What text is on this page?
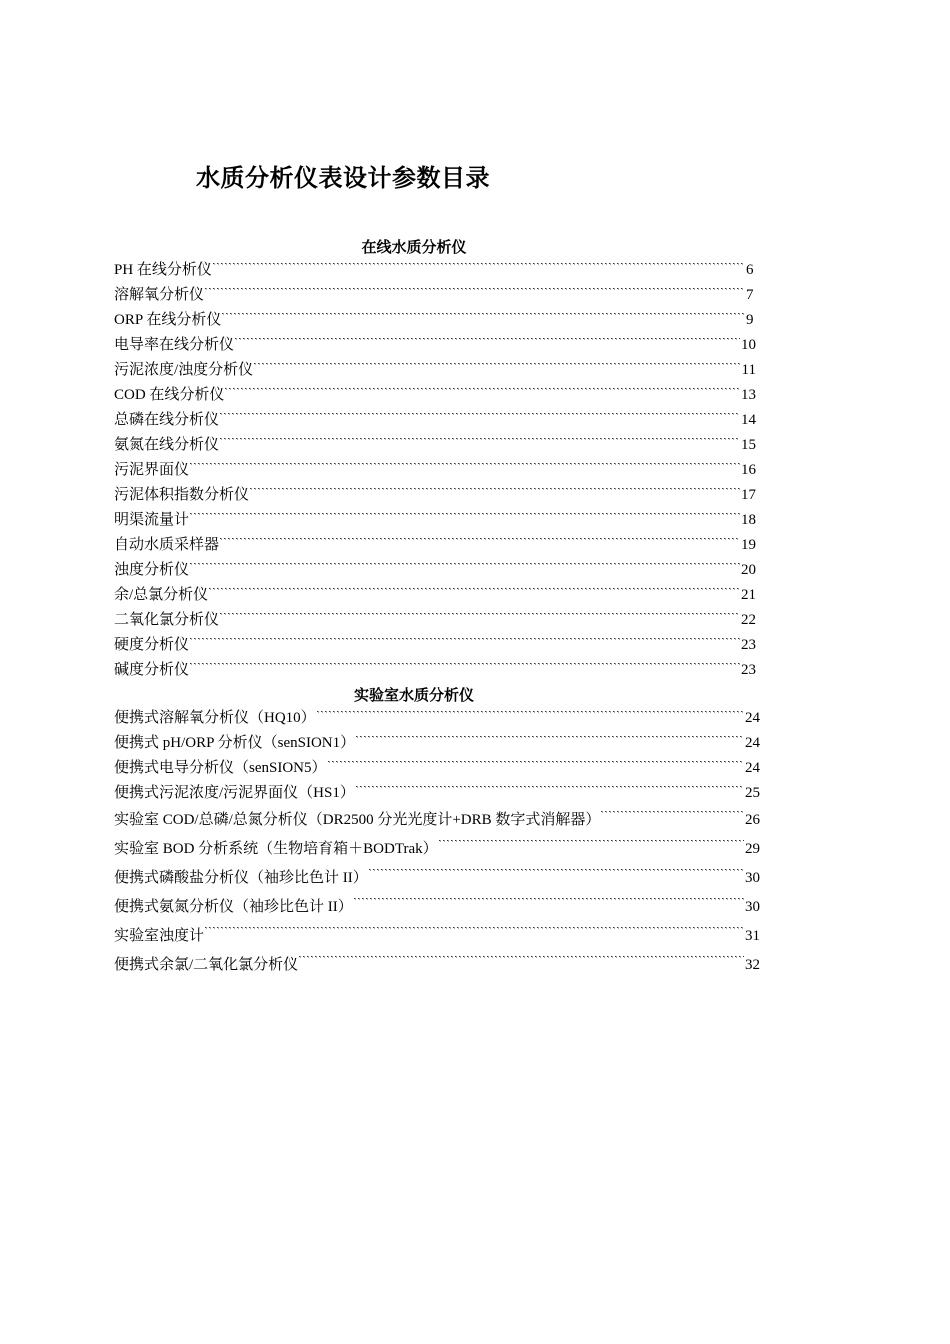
水质分析仪表设计参数目录
在线水质分析仪
PH 在线分析仪	6
溶解氧分析仪	7
ORP 在线分析仪	9
电导率在线分析仪	10
污泥浓度/浊度分析仪	11
COD 在线分析仪	13
总磷在线分析仪	14
氨氮在线分析仪	15
污泥界面仪	16
污泥体积指数分析仪	17
明渠流量计	18
自动水质采样器	19
浊度分析仪	20
余/总氯分析仪	21
二氧化氯分析仪	22
硬度分析仪	23
碱度分析仪	23
实验室水质分析仪
便携式溶解氧分析仪（HQ10）	24
便携式 pH/ORP 分析仪（senSION1）	24
便携式电导分析仪（senSION5）	24
便携式污泥浓度/污泥界面仪（HS1）	25
实验室 COD/总磷/总氮分析仪（DR2500 分光光度计+DRB 数字式消解器）	26
实验室 BOD 分析系统（生物培育箱＋BODTrak）	29
便携式磷酸盐分析仪（袖珍比色计 II）	30
便携式氨氮分析仪（袖珍比色计 II）	30
实验室浊度计	31
便携式余氯/二氧化氯分析仪	32
